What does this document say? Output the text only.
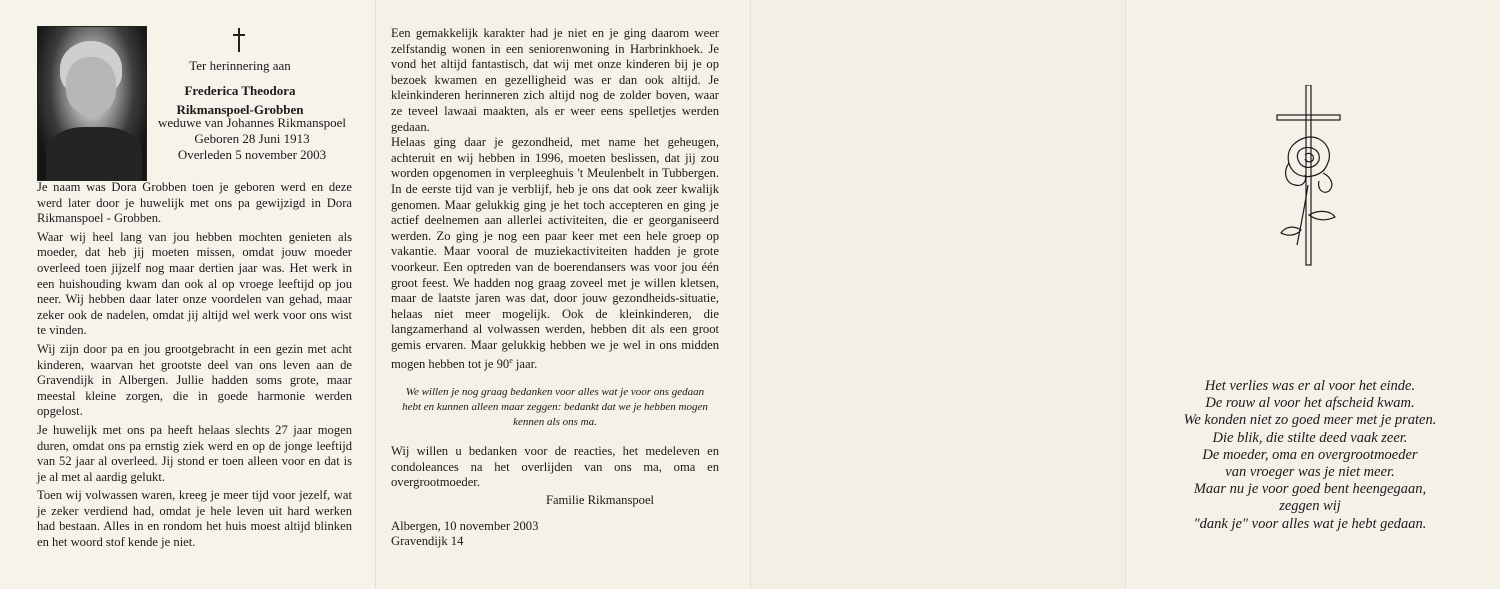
Ter herinnering aan
Frederica Theodora
Rikmanspoel-Grobben
weduwe van Johannes Rikmanspoel
Geboren 28 Juni 1913
Overleden 5 november 2003

Je naam was Dora Grobben toen je geboren werd en deze werd later door je huwelijk met ons pa gewijzigd in Dora Rikmanspoel - Grobben.

Waar wij heel lang van jou hebben mochten genieten als moeder, dat heb jij moeten missen, omdat jouw moeder overleed toen jijzelf nog maar dertien jaar was. Het werk in een huishouding kwam dan ook al op vroege leeftijd op jou neer. Wij hebben daar later onze voordelen van gehad, maar zeker ook de nadelen, omdat jij altijd wel werk voor ons wist te vinden.

Wij zijn door pa en jou grootgebracht in een gezin met acht kinderen, waarvan het grootste deel van ons leven aan de Gravendijk in Albergen. Jullie hadden soms grote, maar meestal kleine zorgen, die in goede harmonie werden opgelost.

Je huwelijk met ons pa heeft helaas slechts 27 jaar mogen duren, omdat ons pa ernstig ziek werd en op de jonge leeftijd van 52 jaar al overleed. Jij stond er toen alleen voor en dat is je al met al aardig gelukt.

Toen wij volwassen waren, kreeg je meer tijd voor jezelf, wat je zeker verdiend had, omdat je hele leven uit hard werken had bestaan. Alles in en rondom het huis moest altijd blinken en het woord stof kende je niet.

Een gemakkelijk karakter had je niet en je ging daarom weer zelfstandig wonen in een seniorenwoning in Harbrinkhoek. Je vond het altijd fantastisch, dat wij met onze kinderen bij je op bezoek kwamen en gezelligheid was er dan ook altijd. Je kleinkinderen herinneren zich altijd nog de zolder boven, waar ze teveel lawaai maakten, als er weer eens spelletjes werden gedaan.

Helaas ging daar je gezondheid, met name het geheugen, achteruit en wij hebben in 1996, moeten beslissen, dat jij zou worden opgenomen in verpleeghuis 't Meulenbelt in Tubbergen. In de eerste tijd van je verblijf, heb je ons dat ook zeer kwalijk genomen. Maar gelukkig ging je het toch accepteren en ging je actief deelnemen aan allerlei activiteiten, die er georganiseerd werden. Zo ging je nog een paar keer met een hele groep op vakantie. Maar vooral de muziekactiviteiten hadden je grote voorkeur. Een optreden van de boerendansers was voor jou één groot feest. We hadden nog graag zoveel met je willen kletsen, maar de laatste jaren was dat, door jouw gezondheids-situatie, helaas niet meer mogelijk. Ook de kleinkinderen, die langzamerhand al volwassen werden, hebben dit als een groot gemis ervaren. Maar gelukkig hebben we je wel in ons midden mogen hebben tot je 90e jaar.

We willen je nog graag bedanken voor alles wat je voor ons gedaan hebt en kunnen alleen maar zeggen: bedankt dat we je hebben mogen kennen als ons ma.

Wij willen u bedanken voor de reacties, het medeleven en condoleances na het overlijden van ons ma, oma en overgrootmoeder.

Familie Rikmanspoel

Albergen, 10 november 2003

Gravendijk 14

Het verlies was er al voor het einde.
De rouw al voor het afscheid kwam.
We konden niet zo goed meer met je praten.
Die blik, die stilte deed vaak zeer.
De moeder, oma en overgrootmoeder
van vroeger was je niet meer.
Maar nu je voor goed bent heengegaan,
zeggen wij
"dank je" voor alles wat je hebt gedaan.
